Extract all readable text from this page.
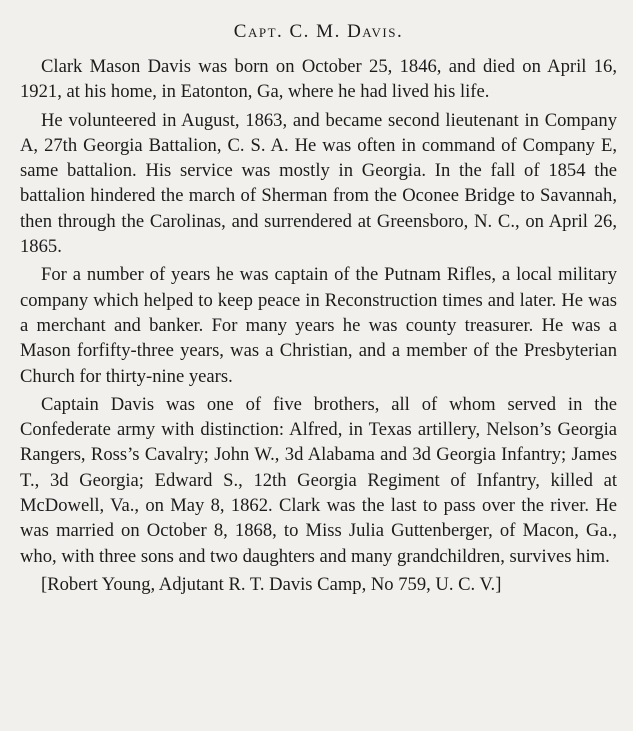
Capt. C. M. Davis.

Clark Mason Davis was born on October 25, 1846, and died on April 16, 1921, at his home, in Eatonton, Ga, where he had lived his life.

He volunteered in August, 1863, and became second lieutenant in Company A, 27th Georgia Battalion, C. S. A. He was often in command of Company E, same battalion. His service was mostly in Georgia. In the fall of 1854 the battalion hindered the march of Sherman from the Oconee Bridge to Savannah, then through the Carolinas, and surrendered at Greensboro, N. C., on April 26, 1865.

For a number of years he was captain of the Putnam Rifles, a local military company which helped to keep peace in Reconstruction times and later. He was a merchant and banker. For many years he was county treasurer. He was a Mason forfifty-three years, was a Christian, and a member of the Presbyterian Church for thirty-nine years.

Captain Davis was one of five brothers, all of whom served in the Confederate army with distinction: Alfred, in Texas artillery, Nelson’s Georgia Rangers, Ross’s Cavalry; John W., 3d Alabama and 3d Georgia Infantry; James T., 3d Georgia; Edward S., 12th Georgia Regiment of Infantry, killed at McDowell, Va., on May 8, 1862. Clark was the last to pass over the river. He was married on October 8, 1868, to Miss Julia Guttenberger, of Macon, Ga., who, with three sons and two daughters and many grandchildren, survives him.

[Robert Young, Adjutant R. T. Davis Camp, No 759, U. C. V.]
